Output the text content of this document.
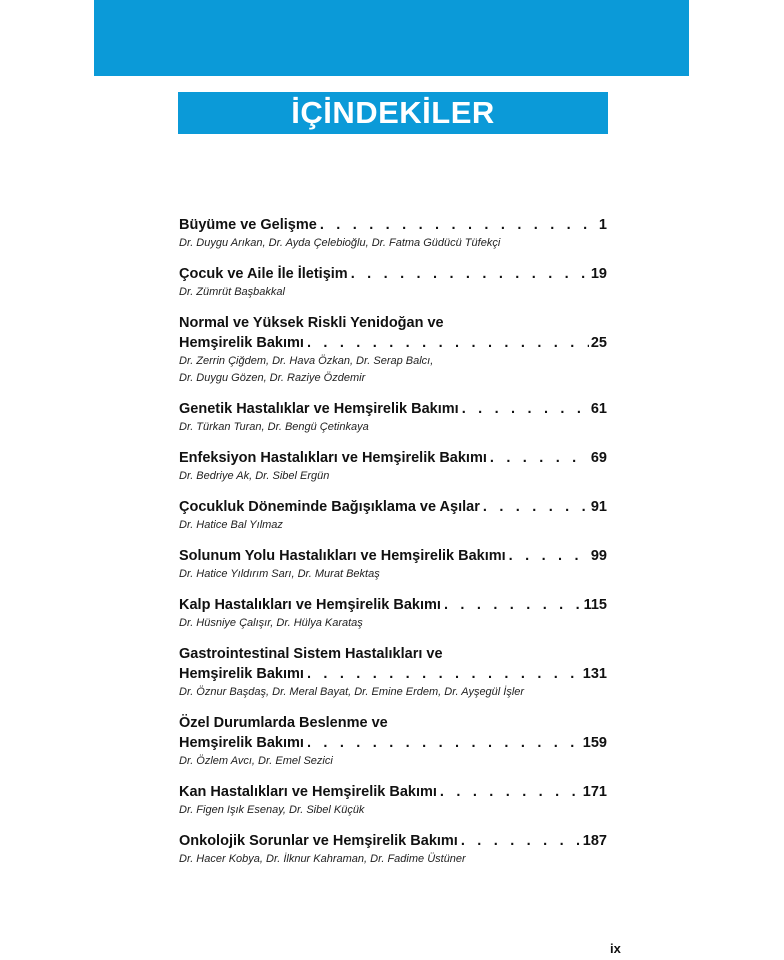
İÇİNDEKİLER
Büyüme ve Gelişme . . .	1
Dr. Duygu Arıkan, Dr. Ayda Çelebioğlu, Dr. Fatma Güdücü Tüfekçi
Çocuk ve Aile İle İletişim . . .	19
Dr. Zümrüt Başbakkal
Normal ve Yüksek Riskli Yenidoğan ve
Hemşirelik Bakımı . . .	25
Dr. Zerrin Çiğdem, Dr. Hava Özkan, Dr. Serap Balcı,
Dr. Duygu Gözen, Dr. Raziye Özdemir
Genetik Hastalıklar ve Hemşirelik Bakımı . . .	61
Dr. Türkan Turan, Dr. Bengü Çetinkaya
Enfeksiyon Hastalıkları ve Hemşirelik Bakımı . . .	69
Dr. Bedriye Ak, Dr. Sibel Ergün
Çocukluk Döneminde Bağışıklama ve Aşılar . . .	91
Dr. Hatice Bal Yılmaz
Solunum Yolu Hastalıkları ve Hemşirelik Bakımı . . .	99
Dr. Hatice Yıldırım Sarı, Dr. Murat Bektaş
Kalp Hastalıkları ve Hemşirelik Bakımı . . .	115
Dr. Hüsniye Çalışır, Dr. Hülya Karataş
Gastrointestinal Sistem Hastalıkları ve
Hemşirelik Bakımı . . .	131
Dr. Öznur Başdaş, Dr. Meral Bayat, Dr. Emine Erdem, Dr. Ayşegül İşler
Özel Durumlarda Beslenme ve
Hemşirelik Bakımı . . .	159
Dr. Özlem Avcı, Dr. Emel Sezici
Kan Hastalıkları ve Hemşirelik Bakımı . . .	171
Dr. Figen Işık Esenay, Dr. Sibel Küçük
Onkolojik Sorunlar ve Hemşirelik Bakımı . . .	187
Dr. Hacer Kobya, Dr. İlknur Kahraman, Dr. Fadime Üstüner
ix
